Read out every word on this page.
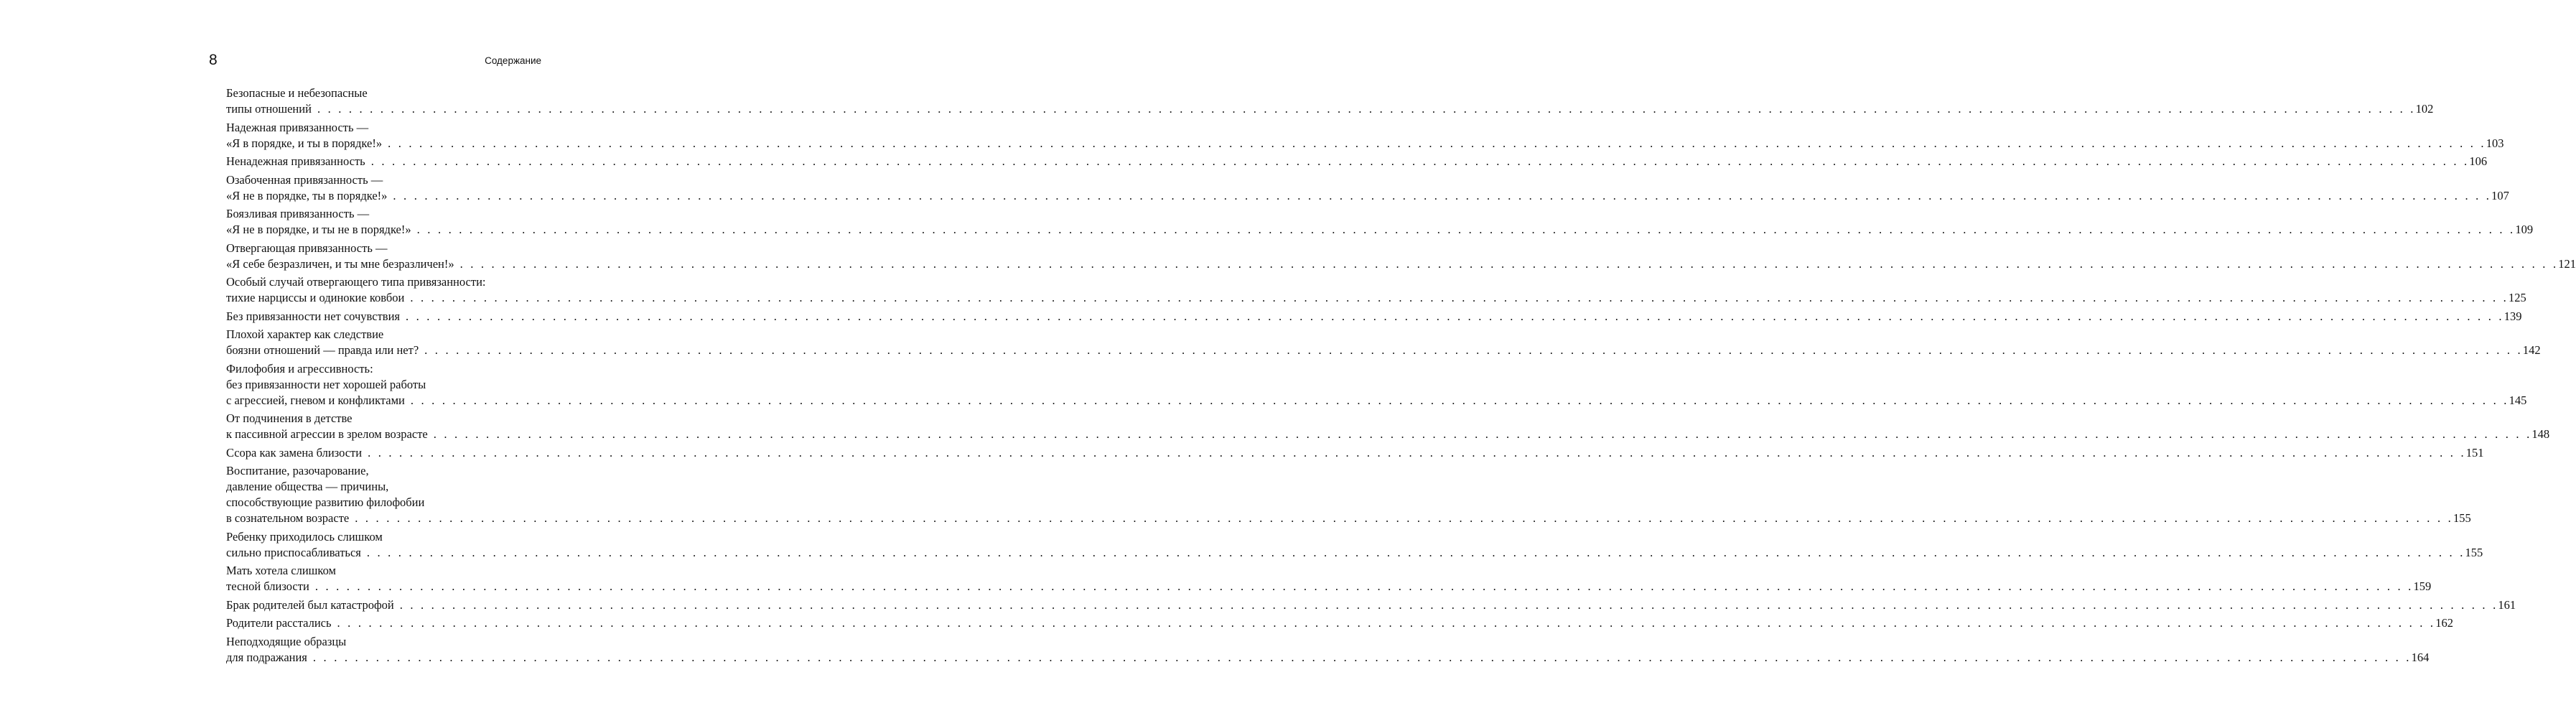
8	Содержание
Безопасные и небезопасные
типы отношений . . . . . . . . . . . . . . . . . . . . . . . . . . . . . . . . . . . . . . . . . . . . . . . . . . . . . . . . . . . . . . . . . . . . . . . . . . . . . . . . . . . . . . . . . . . . . . . . . . . . . . . . . . . . . . . . . . . . . . . . . . . . . . . . . . . . . . . . . . . . . . . . . . . . . . . . . . . . . . . . . . . . . . . . . . . . . . . . . . . . . . . . . . . . . . . . . . . . . . . . 102
Надежная привязанность —
«Я в порядке, и ты в порядке!» . . . . . . . . . . . . . . . . . . . . . . . . . . . . . . . . . . . . . . . . . . . . . . . . . . . . . . . . . . . . . . . . . . . . . . . . . . . . . . . . . . . . . . . . . . . . . . . . . . . . . . . . . . . . . . . . . . . . . . . . . . . . . . . . . . . . . . . . . . . . . . . . . . . . . . . . . . . . . . . . . . . . . . . . . . . . . . . . . . . . . . . . . . . . . . . . . . . . . . . . 103
Ненадежная привязанность . . . . . . . . . . . . . . . . . . . . . . . . . . . . . . . . . . . . . . . . . . . . . . . . . . . . . . . . . . . . . . . . . . . . . . . . . . . . . . . . . . . . . . . . . . . . . . . . . . . . . . . . . . . . . . . . . . . . . . . . . . . . . . . . . . . . . . . . . . . . . . . . . . . . . . . . . . . . . . . . . . . . . . . . . . . . . . . . . . . . . . . . . . . . . . . . . . . . . . . . 106
Озабоченная привязанность —
«Я не в порядке, ты в порядке!» . . . . . . . . . . . . . . . . . . . . . . . . . . . . . . . . . . . . . . . . . . . . . . . . . . . . . . . . . . . . . . . . . . . . . . . . . . . . . . . . . . . . . . . . . . . . . . . . . . . . . . . . . . . . . . . . . . . . . . . . . . . . . . . . . . . . . . . . . . . . . . . . . . . . . . . . . . . . . . . . . . . . . . . . . . . . . . . . . . . . . . . . . . . . . . . . . . . . . . . . 107
Боязливая привязанность —
«Я не в порядке, и ты не в порядке!» . . . . . . . . . . . . . . . . . . . . . . . . . . . . . . . . . . . . . . . . . . . . . . . . . . . . . . . . . . . . . . . . . . . . . . . . . . . . . . . . . . . . . . . . . . . . . . . . . . . . . . . . . . . . . . . . . . . . . . . . . . . . . . . . . . . . . . . . . . . . . . . . . . . . . . . . . . . . . . . . . . . . . . . . . . . . . . . . . . . . . . . . . . . . . . . . . . . . . . . . 109
Отвергающая привязанность —
«Я себе безразличен, и ты мне безразличен!» . . . . . . . . . . . . . . . . . . . . . . . . . . . . . . . . . . . . . . . . . . . . . . . . . . . . . . . . . . . . . . . . . . . . . . . . . . . . . . . . . . . . . . . . . . . . . . . . . . . . . . . . . . . . . . . . . . . . . . . . . . . . . . . . . . . . . . . . . . . . . . . . . . . . . . . . . . . . . . . . . . . . . . . . . . . . . . . . . . . . . . . . . . . . . . . . . . . . . . . . 121
Особый случай отвергающего типа привязанности:
тихие нарциссы и одинокие ковбои . . . . . . . . . . . . . . . . . . . . . . . . . . . . . . . . . . . . . . . . . . . . . . . . . . . . . . . . . . . . . . . . . . . . . . . . . . . . . . . . . . . . . . . . . . . . . . . . . . . . . . . . . . . . . . . . . . . . . . . . . . . . . . . . . . . . . . . . . . . . . . . . . . . . . . . . . . . . . . . . . . . . . . . . . . . . . . . . . . . . . . . . . . . . . . . . . . . . . . . . 125
Без привязанности нет сочувствия . . . . . . . . . . . . . . . . . . . . . . . . . . . . . . . . . . . . . . . . . . . . . . . . . . . . . . . . . . . . . . . . . . . . . . . . . . . . . . . . . . . . . . . . . . . . . . . . . . . . . . . . . . . . . . . . . . . . . . . . . . . . . . . . . . . . . . . . . . . . . . . . . . . . . . . . . . . . . . . . . . . . . . . . . . . . . . . . . . . . . . . . . . . . . . . . . . . . . . . . 139
Плохой характер как следствие
боязни отношений — правда или нет? . . . . . . . . . . . . . . . . . . . . . . . . . . . . . . . . . . . . . . . . . . . . . . . . . . . . . . . . . . . . . . . . . . . . . . . . . . . . . . . . . . . . . . . . . . . . . . . . . . . . . . . . . . . . . . . . . . . . . . . . . . . . . . . . . . . . . . . . . . . . . . . . . . . . . . . . . . . . . . . . . . . . . . . . . . . . . . . . . . . . . . . . . . . . . . . . . . . . . . . . 142
Филофобия и агрессивность:
без привязанности нет хорошей работы
с агрессией, гневом и конфликтами . . . . . . . . . . . . . . . . . . . . . . . . . . . . . . . . . . . . . . . . . . . . . . . . . . . . . . . . . . . . . . . . . . . . . . . . . . . . . . . . . . . . . . . . . . . . . . . . . . . . . . . . . . . . . . . . . . . . . . . . . . . . . . . . . . . . . . . . . . . . . . . . . . . . . . . . . . . . . . . . . . . . . . . . . . . . . . . . . . . . . . . . . . . . . . . . . . . . . . . . 145
От подчинения в детстве
к пассивной агрессии в зрелом возрасте . . . . . . . . . . . . . . . . . . . . . . . . . . . . . . . . . . . . . . . . . . . . . . . . . . . . . . . . . . . . . . . . . . . . . . . . . . . . . . . . . . . . . . . . . . . . . . . . . . . . . . . . . . . . . . . . . . . . . . . . . . . . . . . . . . . . . . . . . . . . . . . . . . . . . . . . . . . . . . . . . . . . . . . . . . . . . . . . . . . . . . . . . . . . . . . . . . . . . . . . 148
Ссора как замена близости . . . . . . . . . . . . . . . . . . . . . . . . . . . . . . . . . . . . . . . . . . . . . . . . . . . . . . . . . . . . . . . . . . . . . . . . . . . . . . . . . . . . . . . . . . . . . . . . . . . . . . . . . . . . . . . . . . . . . . . . . . . . . . . . . . . . . . . . . . . . . . . . . . . . . . . . . . . . . . . . . . . . . . . . . . . . . . . . . . . . . . . . . . . . . . . . . . . . . . . . 151
Воспитание, разочарование,
давление общества — причины,
способствующие развитию филофобии
в сознательном возрасте . . . . . . . . . . . . . . . . . . . . . . . . . . . . . . . . . . . . . . . . . . . . . . . . . . . . . . . . . . . . . . . . . . . . . . . . . . . . . . . . . . . . . . . . . . . . . . . . . . . . . . . . . . . . . . . . . . . . . . . . . . . . . . . . . . . . . . . . . . . . . . . . . . . . . . . . . . . . . . . . . . . . . . . . . . . . . . . . . . . . . . . . . . . . . . . . . . . . . . . . 155
Ребенку приходилось слишком
сильно приспосабливаться . . . . . . . . . . . . . . . . . . . . . . . . . . . . . . . . . . . . . . . . . . . . . . . . . . . . . . . . . . . . . . . . . . . . . . . . . . . . . . . . . . . . . . . . . . . . . . . . . . . . . . . . . . . . . . . . . . . . . . . . . . . . . . . . . . . . . . . . . . . . . . . . . . . . . . . . . . . . . . . . . . . . . . . . . . . . . . . . . . . . . . . . . . . . . . . . . . . . . . . . 155
Мать хотела слишком
тесной близости . . . . . . . . . . . . . . . . . . . . . . . . . . . . . . . . . . . . . . . . . . . . . . . . . . . . . . . . . . . . . . . . . . . . . . . . . . . . . . . . . . . . . . . . . . . . . . . . . . . . . . . . . . . . . . . . . . . . . . . . . . . . . . . . . . . . . . . . . . . . . . . . . . . . . . . . . . . . . . . . . . . . . . . . . . . . . . . . . . . . . . . . . . . . . . . . . . . . . . . . 159
Брак родителей был катастрофой . . . . . . . . . . . . . . . . . . . . . . . . . . . . . . . . . . . . . . . . . . . . . . . . . . . . . . . . . . . . . . . . . . . . . . . . . . . . . . . . . . . . . . . . . . . . . . . . . . . . . . . . . . . . . . . . . . . . . . . . . . . . . . . . . . . . . . . . . . . . . . . . . . . . . . . . . . . . . . . . . . . . . . . . . . . . . . . . . . . . . . . . . . . . . . . . . . . . . . . . 161
Родители расстались . . . . . . . . . . . . . . . . . . . . . . . . . . . . . . . . . . . . . . . . . . . . . . . . . . . . . . . . . . . . . . . . . . . . . . . . . . . . . . . . . . . . . . . . . . . . . . . . . . . . . . . . . . . . . . . . . . . . . . . . . . . . . . . . . . . . . . . . . . . . . . . . . . . . . . . . . . . . . . . . . . . . . . . . . . . . . . . . . . . . . . . . . . . . . . . . . . . . . . . . 162
Неподходящие образцы
для подражания . . . . . . . . . . . . . . . . . . . . . . . . . . . . . . . . . . . . . . . . . . . . . . . . . . . . . . . . . . . . . . . . . . . . . . . . . . . . . . . . . . . . . . . . . . . . . . . . . . . . . . . . . . . . . . . . . . . . . . . . . . . . . . . . . . . . . . . . . . . . . . . . . . . . . . . . . . . . . . . . . . . . . . . . . . . . . . . . . . . . . . . . . . . . . . . . . . . . . . . . 164
